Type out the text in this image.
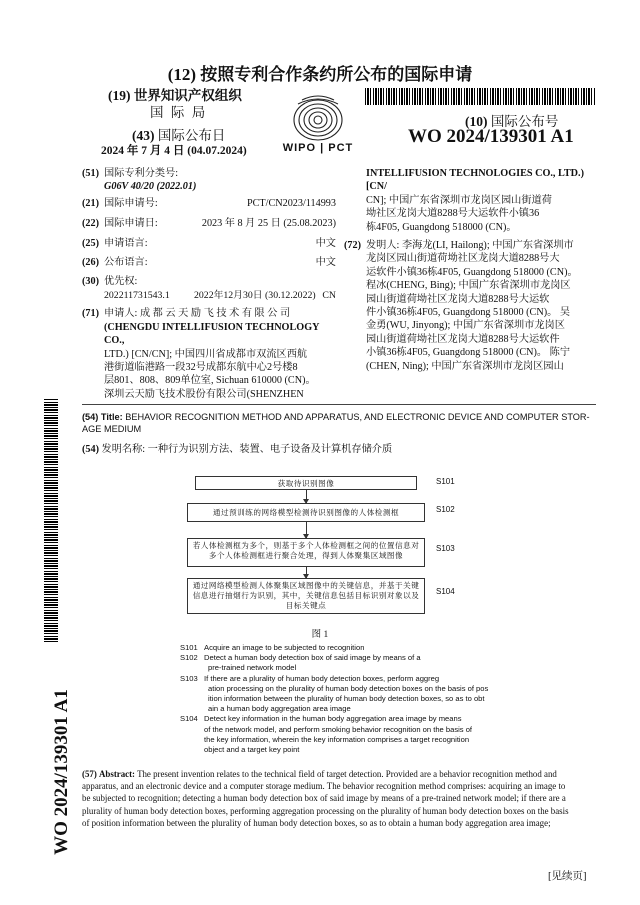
(12) 按照专利合作条约所公布的国际申请
(19) 世界知识产权组织
国 际 局
(43) 国际公布日
2024 年 7 月 4 日 (04.07.2024)	WIPO | PCT
(10) 国际公布号
WO 2024/139301 A1
(51) 国际专利分类号:
G06V 40/20 (2022.01)
(21) 国际申请号:	PCT/CN2023/114993
(22) 国际申请日:	2023 年 8 月 25 日 (25.08.2023)
(25) 申请语言:	中文
(26) 公布语言:	中文
(30) 优先权:
202211731543.1 2022年12月30日 (30.12.2022) CN
(71) 申请人: 成 都 云 天 励 飞 技 术 有 限 公 司
(CHENGDU INTELLIFUSION TECHNOLOGY CO.,
LTD.) [CN/CN]; 中国四川省成都市双流区西航
港街道临港路一段32号成都东航中心2号楼8
层801、808、809单位室, Sichuan 610000 (CN)。
深圳云天励飞技术股份有限公司(SHENZHEN
INTELLIFUSION TECHNOLOGIES CO., LTD.) [CN/
CN]; 中国广东省深圳市龙岗区园山街道荷
坳社区龙岗大道8288号大运软件小镇36
栋4F05, Guangdong 518000 (CN)。
(72) 发明人: 李海龙(LI, Hailong); 中国广东省深圳市
龙岗区园山街道荷坳社区龙岗大道8288号大
运软件小镇36栋4F05, Guangdong 518000 (CN)。
程冰(CHENG, Bing); 中国广东省深圳市龙岗区
园山街道荷坳社区龙岗大道8288号大运软
件小镇36栋4F05, Guangdong 518000 (CN)。 吴
金勇(WU, Jinyong); 中国广东省深圳市龙岗区
园山街道荷坳社区龙岗大道8288号大运软件
小镇36栋4F05, Guangdong 518000 (CN)。 陈宁
(CHEN, Ning); 中国广东省深圳市龙岗区园山
WO 2024/139301 A1
(54) Title: BEHAVIOR RECOGNITION METHOD AND APPARATUS, AND ELECTRONIC DEVICE AND COMPUTER STOR-
AGE MEDIUM
(54) 发明名称: 一种行为识别方法、装置、电子设备及计算机存储介质
获取待识别图像	S101
通过预训练的网络模型检测待识别图像的人体检测框	S102
若人体检测框为多个，则基于多个人体检测框之间的位置信息对多个人体检测框进行聚合处理，得到人体聚集区域图像
S103
通过网络模型检测人体聚集区域图像中的关键信息，并基于关键信息进行抽烟行为识别，其中，关键信息包括目标识别对象以及目标关键点
S104
图 1
S101 Acquire an image to be subjected to recognition
S102 Detect a human body detection box of said image by means of a
pre-trained network model
S103 If there are a plurality of human body detection boxes, perform aggreg
ation processing on the plurality of human body detection boxes on the basis of pos
ition information between the plurality of human body detection boxes, so as to obt
ain a human body aggregation area image
S104 Detect key information in the human body aggregation area image by means
of the network model, and perform smoking behavior recognition on the basis of
the key information, wherein the key information comprises a target recognition
object and a target key point
(57) Abstract: The present invention relates to the technical field of target detection. Provided are a behavior recognition method and
apparatus, and an electronic device and a computer storage medium. The behavior recognition method comprises: acquiring an image to
be subjected to recognition; detecting a human body detection box of said image by means of a pre-trained network model; if there are a
plurality of human body detection boxes, performing aggregation processing on the plurality of human body detection boxes on the basis
of position information between the plurality of human body detection boxes, so as to obtain a human body aggregation area image;
[见续页]
